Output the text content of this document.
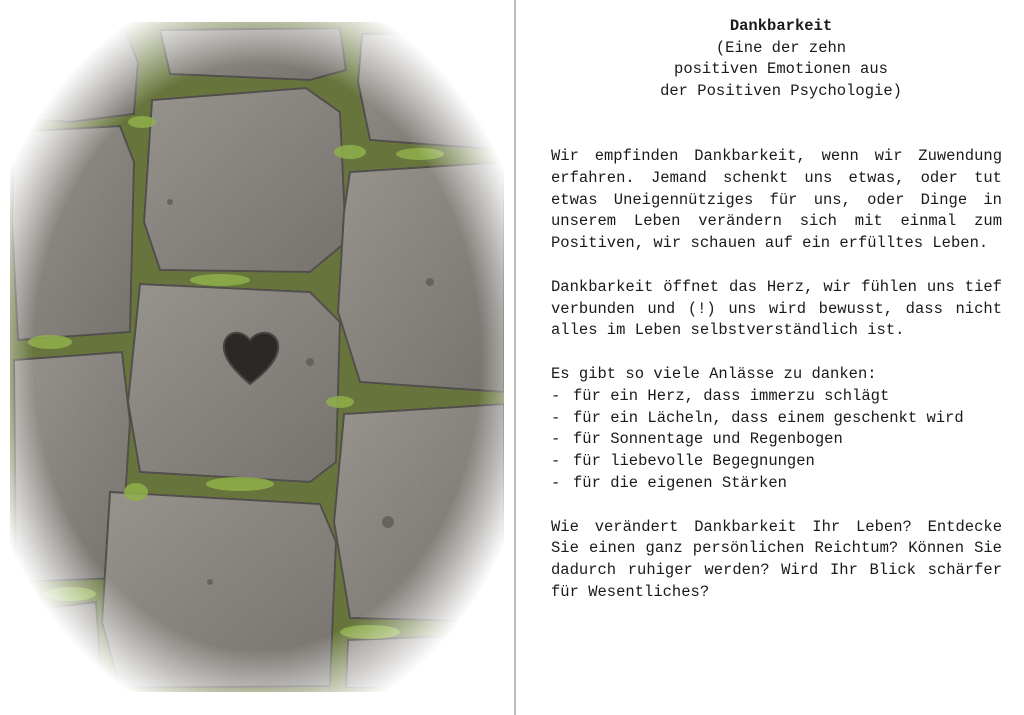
Dankbarkeit
(Eine der zehn
positiven Emotionen aus
der Positiven Psychologie)

Wir empfinden Dankbarkeit, wenn wir Zuwendung erfahren. Jemand schenkt uns etwas, oder tut etwas Uneigennütziges für uns, oder Dinge in unserem Leben verändern sich mit einmal zum Positiven, wir schauen auf ein erfülltes Leben.

Dankbarkeit öffnet das Herz, wir fühlen uns tief verbunden und (!) uns wird bewusst, dass nicht alles im Leben selbstverständlich ist.

Es gibt so viele Anlässe zu danken:

- für ein Herz, dass immerzu schlägt
- für ein Lächeln, dass einem geschenkt wird
- für Sonnentage und Regenbogen
- für liebevolle Begegnungen
- für die eigenen Stärken

Wie verändert Dankbarkeit Ihr Leben? Entdecke Sie einen ganz persönlichen Reichtum? Können Sie dadurch ruhiger werden? Wird Ihr Blick schärfer für Wesentliches?
